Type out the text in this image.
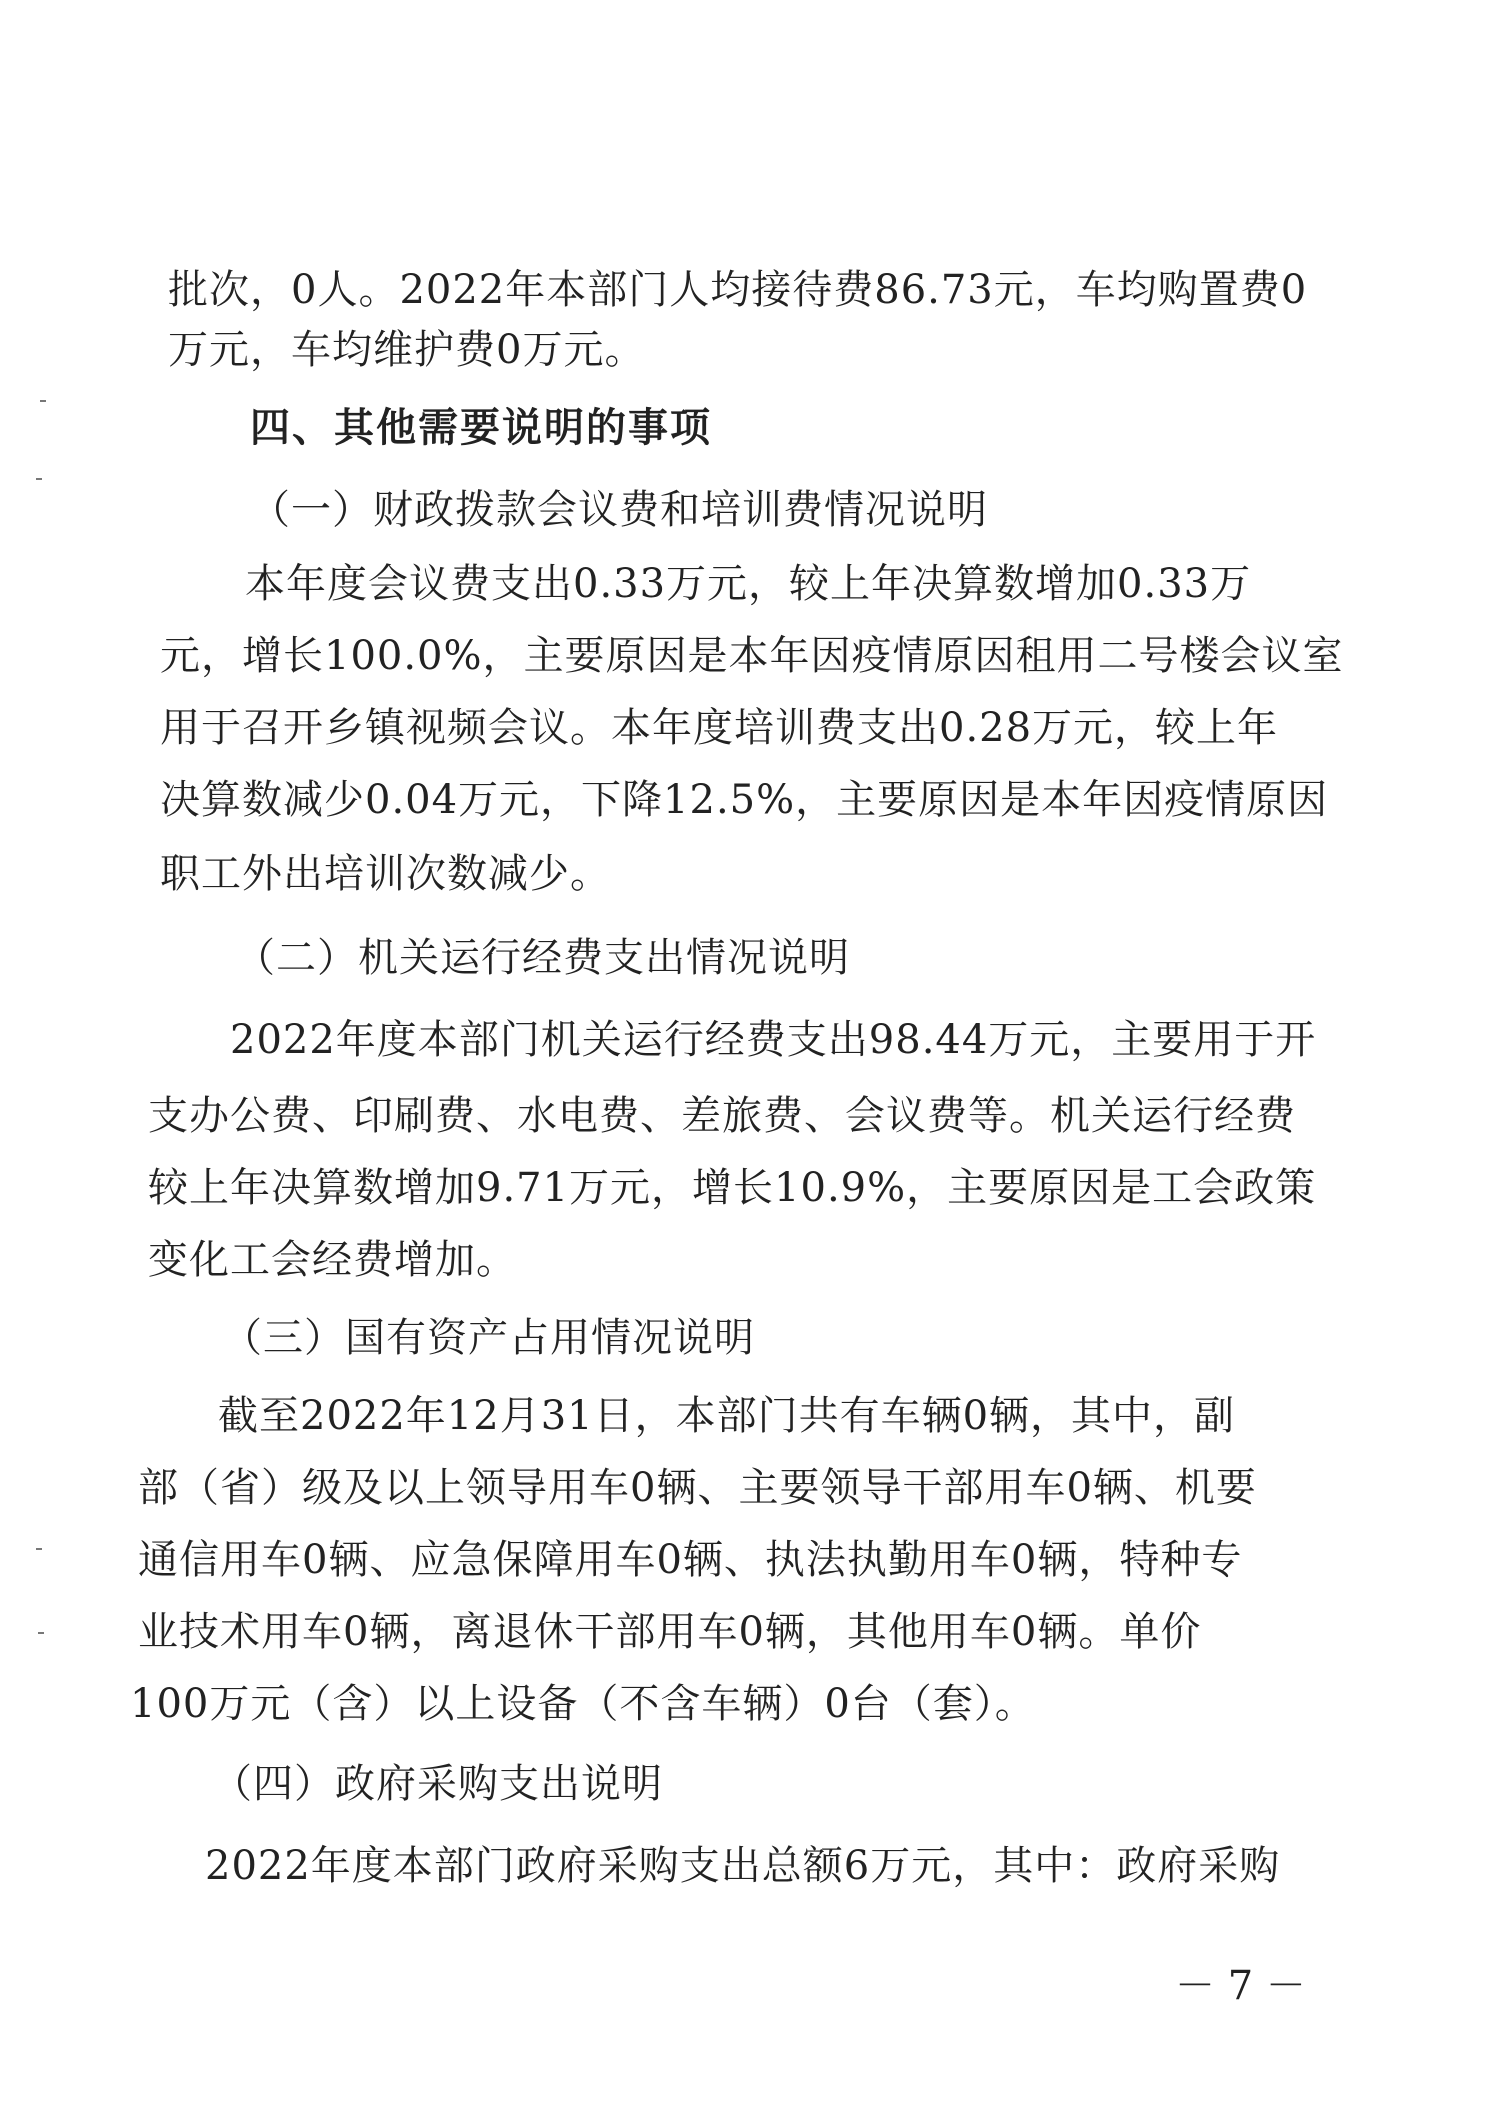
批次，0人。2022年本部门人均接待费86.73元，车均购置费0
万元，车均维护费0万元。
四、其他需要说明的事项
（一）财政拨款会议费和培训费情况说明
本年度会议费支出0.33万元，较上年决算数增加0.33万
元，增长100.0%，主要原因是本年因疫情原因租用二号楼会议室
用于召开乡镇视频会议。本年度培训费支出0.28万元，较上年
决算数减少0.04万元，下降12.5%，主要原因是本年因疫情原因
职工外出培训次数减少。
（二）机关运行经费支出情况说明
2022年度本部门机关运行经费支出98.44万元，主要用于开
支办公费、印刷费、水电费、差旅费、会议费等。机关运行经费
较上年决算数增加9.71万元，增长10.9%，主要原因是工会政策
变化工会经费增加。
（三）国有资产占用情况说明
截至2022年12月31日，本部门共有车辆0辆，其中，副
部（省）级及以上领导用车0辆、主要领导干部用车0辆、机要
通信用车0辆、应急保障用车0辆、执法执勤用车0辆，特种专
业技术用车0辆，离退休干部用车0辆，其他用车0辆。单价
100万元（含）以上设备（不含车辆）0台（套）。
（四）政府采购支出说明
2022年度本部门政府采购支出总额6万元，其中：政府采购
－ 7 －
